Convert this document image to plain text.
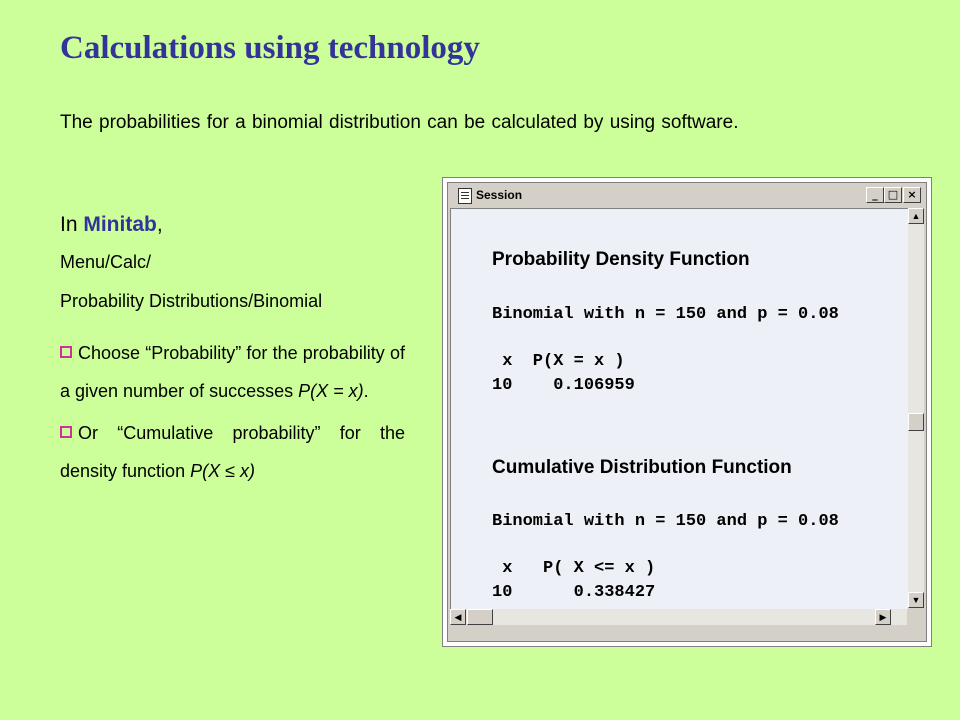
Calculations using technology
The probabilities for a binomial distribution can be calculated by using software.
In Minitab,
Menu/Calc/
Probability Distributions/Binomial
Choose “Probability” for the probability of a given number of successes P(X = x).
Or “Cumulative probability” for the density function P(X ≤ x)
Session	_ □ ×
Probability Density Function
Binomial with n = 150 and p = 0.08
x  P(X = x )
10    0.106959
Cumulative Distribution Function
Binomial with n = 150 and p = 0.08
x   P( X <= x )
10      0.338427
▲
▼
◀	▶
